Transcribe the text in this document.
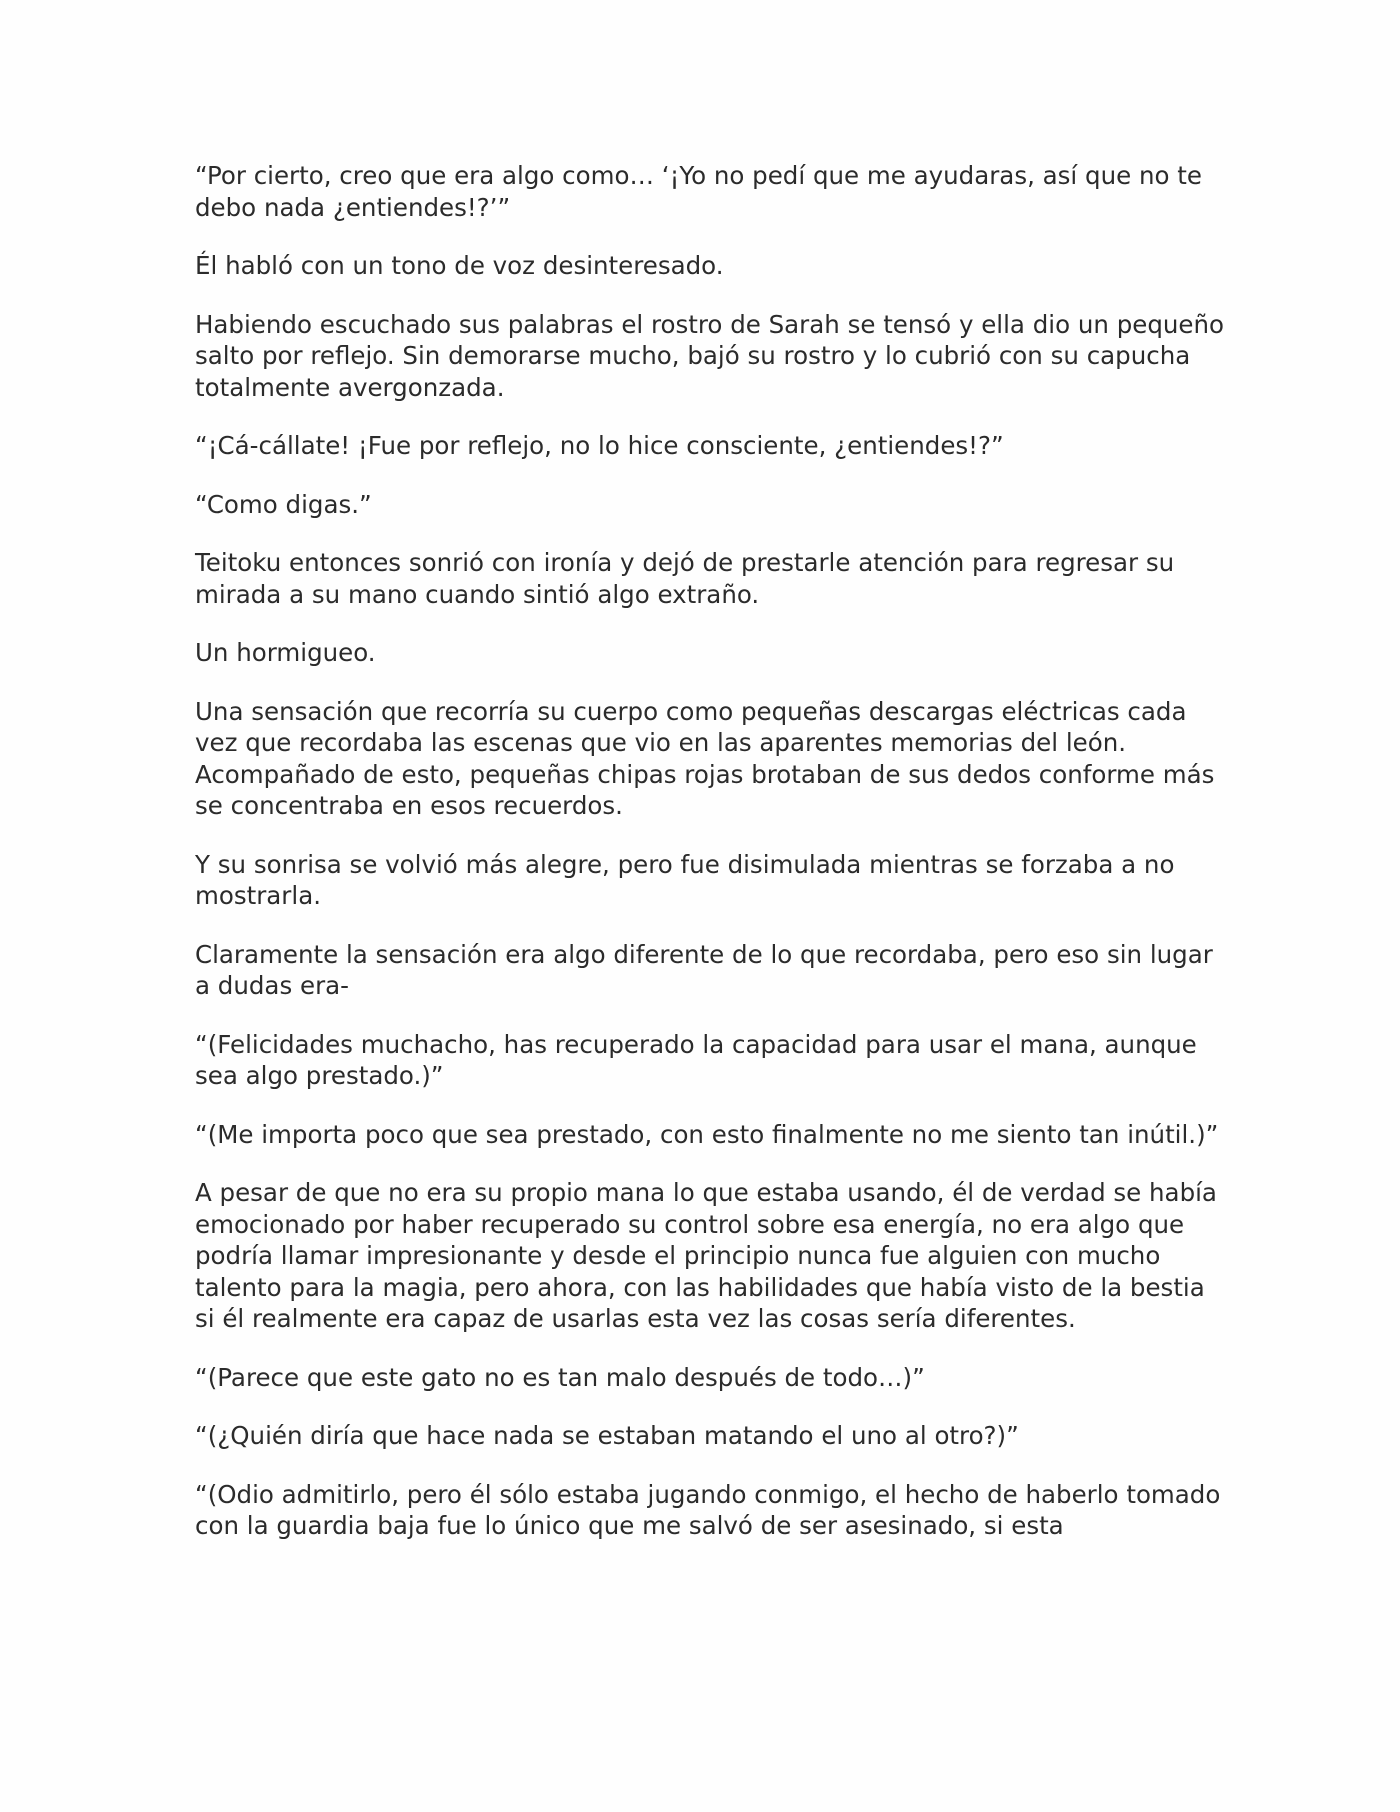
“Por cierto, creo que era algo como… ‘¡Yo no pedí que me ayudaras, así que no te debo nada ¿entiendes!?’”

Él habló con un tono de voz desinteresado.

Habiendo escuchado sus palabras el rostro de Sarah se tensó y ella dio un pequeño salto por reflejo. Sin demorarse mucho, bajó su rostro y lo cubrió con su capucha totalmente avergonzada.

“¡Cá-cállate! ¡Fue por reflejo, no lo hice consciente, ¿entiendes!?”

“Como digas.”

Teitoku entonces sonrió con ironía y dejó de prestarle atención para regresar su mirada a su mano cuando sintió algo extraño.

Un hormigueo.

Una sensación que recorría su cuerpo como pequeñas descargas eléctricas cada vez que recordaba las escenas que vio en las aparentes memorias del león. Acompañado de esto, pequeñas chipas rojas brotaban de sus dedos conforme más se concentraba en esos recuerdos.

Y su sonrisa se volvió más alegre, pero fue disimulada mientras se forzaba a no mostrarla.

Claramente la sensación era algo diferente de lo que recordaba, pero eso sin lugar a dudas era-

“(Felicidades muchacho, has recuperado la capacidad para usar el mana, aunque sea algo prestado.)”

“(Me importa poco que sea prestado, con esto finalmente no me siento tan inútil.)”

A pesar de que no era su propio mana lo que estaba usando, él de verdad se había emocionado por haber recuperado su control sobre esa energía, no era algo que podría llamar impresionante y desde el principio nunca fue alguien con mucho talento para la magia, pero ahora, con las habilidades que había visto de la bestia si él realmente era capaz de usarlas esta vez las cosas sería diferentes.

“(Parece que este gato no es tan malo después de todo…)”

“(¿Quién diría que hace nada se estaban matando el uno al otro?)”

“(Odio admitirlo, pero él sólo estaba jugando conmigo, el hecho de haberlo tomado con la guardia baja fue lo único que me salvó de ser asesinado, si esta
